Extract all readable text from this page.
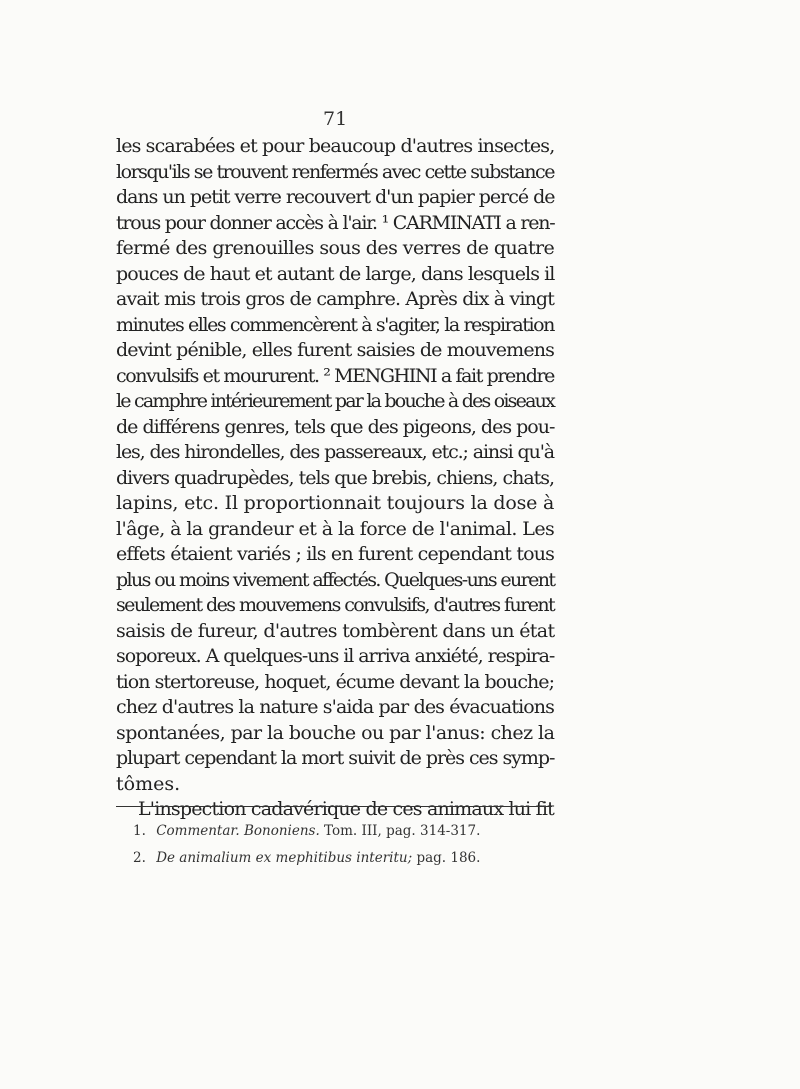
71
les scarabées et pour beaucoup d'autres insectes,
lorsqu'ils se trouvent renfermés avec cette substance
dans un petit verre recouvert d'un papier percé de
trous pour donner accès à l'air. ¹ CARMINATI a ren-
fermé des grenouilles sous des verres de quatre
pouces de haut et autant de large, dans lesquels il
avait mis trois gros de camphre. Après dix à vingt
minutes elles commencèrent à s'agiter, la respiration
devint pénible, elles furent saisies de mouvemens
convulsifs et moururent. ² MENGHINI a fait prendre
le camphre intérieurement par la bouche à des oiseaux
de différens genres, tels que des pigeons, des pou-
les, des hirondelles, des passereaux, etc.; ainsi qu'à
divers quadrupèdes, tels que brebis, chiens, chats,
lapins, etc. Il proportionnait toujours la dose à
l'âge, à la grandeur et à la force de l'animal. Les
effets étaient variés ; ils en furent cependant tous
plus ou moins vivement affectés. Quelques-uns eurent
seulement des mouvemens convulsifs, d'autres furent
saisis de fureur, d'autres tombèrent dans un état
soporeux. A quelques-uns il arriva anxiété, respira-
tion stertoreuse, hoquet, écume devant la bouche;
chez d'autres la nature s'aida par des évacuations
spontanées, par la bouche ou par l'anus: chez la
plupart cependant la mort suivit de près ces symp-
tômes.
L'inspection cadavérique de ces animaux lui fit
1. Commentar. Bononiens. Tom. III, pag. 314-317.
2. De animalium ex mephitibus interitu; pag. 186.
